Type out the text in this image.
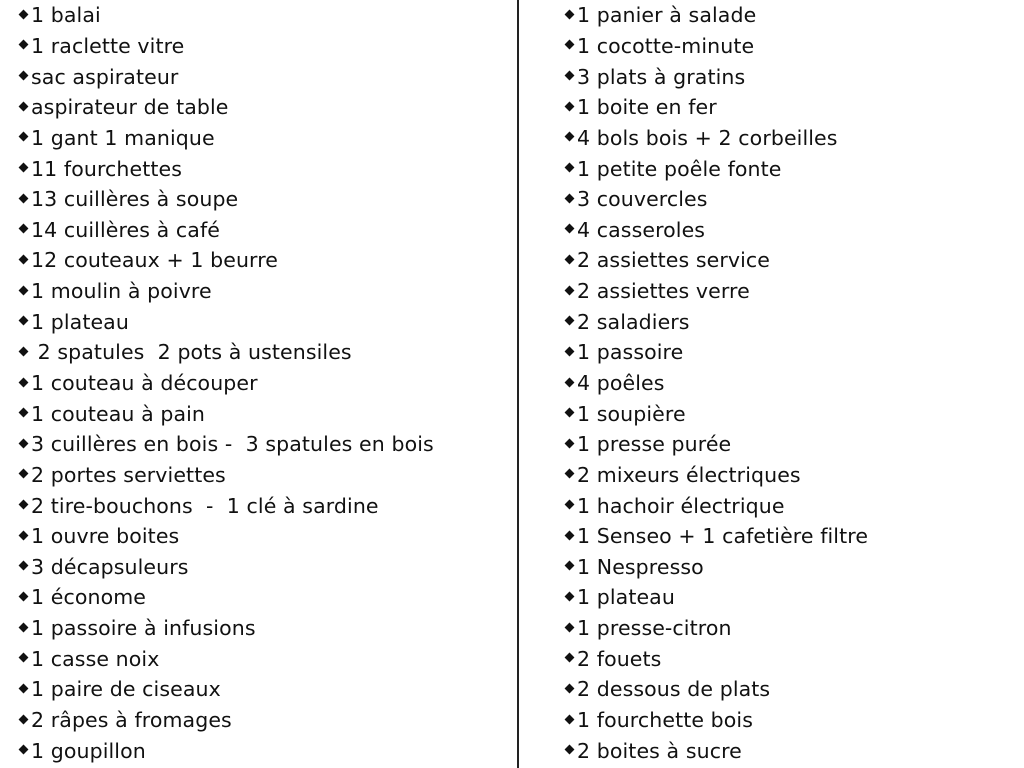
1 balai
1 raclette vitre
sac aspirateur
aspirateur de table
1 gant 1 manique
11 fourchettes
13 cuillères à soupe
14 cuillères à café
12 couteaux + 1 beurre
1 moulin à poivre
1 plateau
2 spatules  2 pots à ustensiles
1 couteau à découper
1 couteau à pain
3 cuillères en bois -  3 spatules en bois
2 portes serviettes
2 tire-bouchons  -  1 clé à sardine
1 ouvre boites
3 décapsuleurs
1 économe
1 passoire à infusions
1 casse noix
1 paire de ciseaux
2 râpes à fromages
1 goupillon
1 panier à salade
1 cocotte-minute
3 plats à gratins
1 boite en fer
4 bols bois + 2 corbeilles
1 petite poêle fonte
3 couvercles
4 casseroles
2 assiettes service
2 assiettes verre
2 saladiers
1 passoire
4 poêles
1 soupière
1 presse purée
2 mixeurs électriques
1 hachoir électrique
1 Senseo + 1 cafetière filtre
1 Nespresso
1 plateau
1 presse-citron
2 fouets
2 dessous de plats
1 fourchette bois
2 boites à sucre
